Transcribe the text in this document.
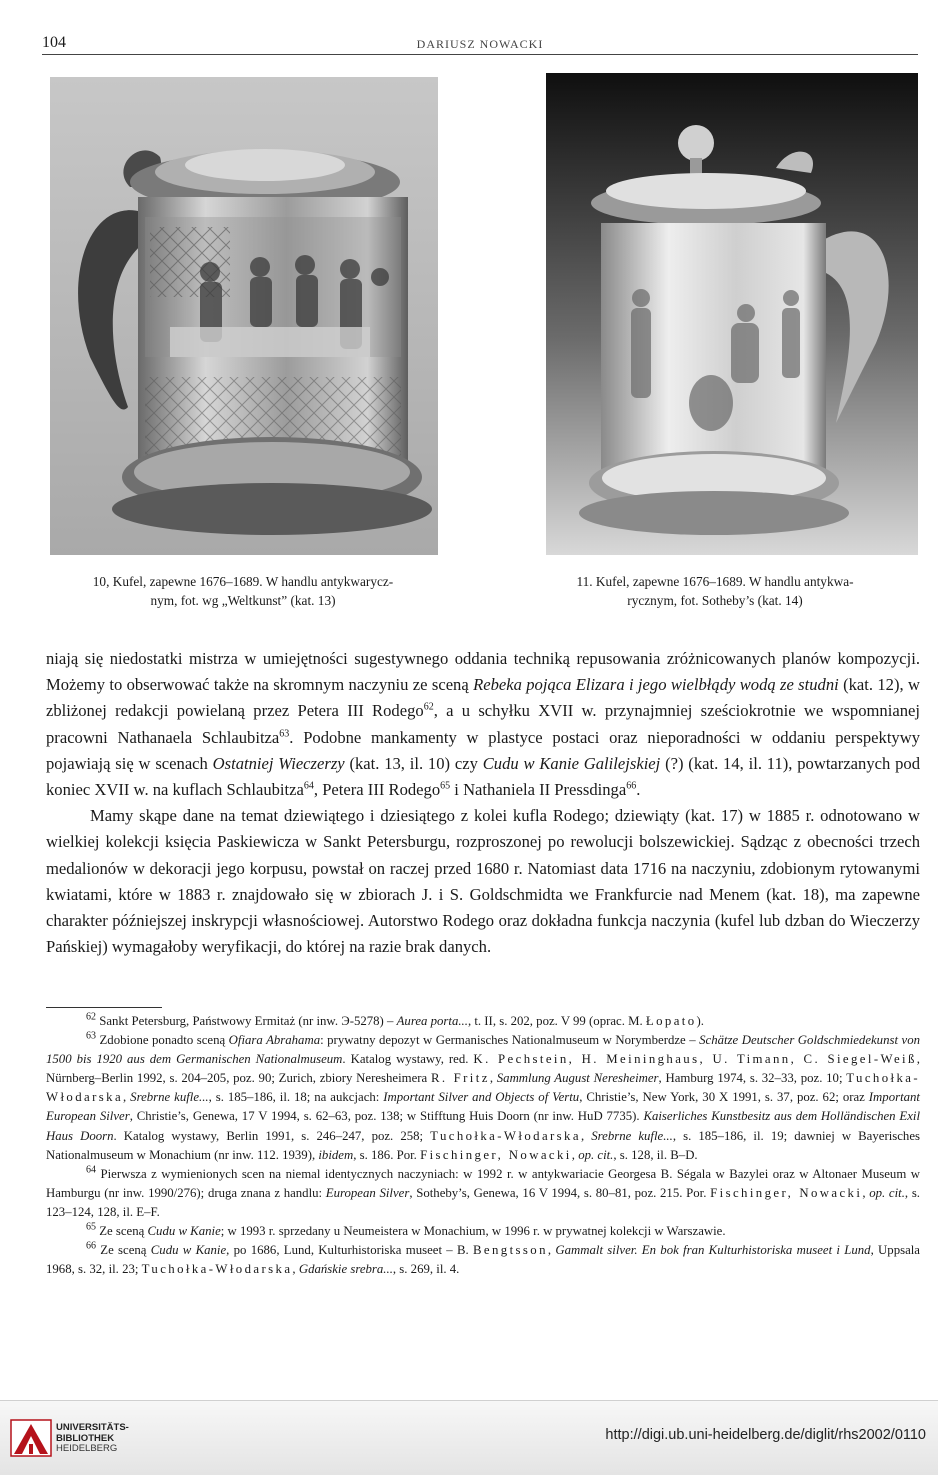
104	DARIUSZ NOWACKI
10, Kufel, zapewne 1676–1689. W handlu antykwarycz-
nym, fot. wg „Weltkunst” (kat. 13)
11. Kufel, zapewne 1676–1689. W handlu antykwa-
rycznym, fot. Sotheby’s (kat. 14)

niają się niedostatki mistrza w umiejętności sugestywnego oddania techniką repusowania zróżnicowanych planów kompozycji. Możemy to obserwować także na skromnym naczyniu ze sceną Rebeka pojąca Elizara i jego wielbłądy wodą ze studni (kat. 12), w zbliżonej redakcji powielaną przez Petera III Rodego$^{62}$, a u schyłku XVII w. przynajmniej sześciokrotnie we wspomnianej pracowni Nathanaela Schlaubitza$^{63}$. Podobne mankamenty w plastyce postaci oraz nieporadności w oddaniu perspektywy pojawiają się w scenach Ostatniej Wieczerzy (kat. 13, il. 10) czy Cudu w Kanie Galilejskiej (?) (kat. 14, il. 11), powtarzanych pod koniec XVII w. na kuflach Schlaubitza$^{64}$, Petera III Rodego$^{65}$ i Nathaniela II Pressdinga$^{66}$.

Mamy skąpe dane na temat dziewiątego i dziesiątego z kolei kufla Rodego; dziewiąty (kat. 17) w 1885 r. odnotowano w wielkiej kolekcji księcia Paskiewicza w Sankt Petersburgu, rozproszonej po rewolucji bolszewickiej. Sądząc z obecności trzech medalionów w dekoracji jego korpusu, powstał on raczej przed 1680 r. Natomiast data 1716 na naczyniu, zdobionym rytowanymi kwiatami, które w 1883 r. znajdowało się w zbiorach J. i S. Goldschmidta we Frankfurcie nad Menem (kat. 18), ma zapewne charakter późniejszej inskrypcji własnościowej. Autorstwo Rodego oraz dokładna funkcja naczynia (kufel lub dzban do Wieczerzy Pańskiej) wymagałoby weryfikacji, do której na razie brak danych.

$^{62}$ Sankt Petersburg, Państwowy Ermitaż (nr inw. Э-5278) – Aurea porta..., t. II, s. 202, poz. V 99 (oprac. M. Łopato).

$^{63}$ Zdobione ponadto sceną Ofiara Abrahama: prywatny depozyt w Germanisches Nationalmuseum w Norymberdze – Schätze Deutscher Goldschmiedekunst von 1500 bis 1920 aus dem Germanischen Nationalmuseum. Katalog wystawy, red. K. Pechstein, H. Meininghaus, U. Timann, C. Siegel-Weiß, Nürnberg–Berlin 1992, s. 204–205, poz. 90; Zurich, zbiory Neresheimera R. Fritz, Sammlung August Neresheimer, Hamburg 1974, s. 32–33, poz. 10; Tuchołka-Włodarska, Srebrne kufle..., s. 185–186, il. 18; na aukcjach: Important Silver and Objects of Vertu, Christie’s, New York, 30 X 1991, s. 37, poz. 62; oraz Important European Silver, Christie’s, Genewa, 17 V 1994, s. 62–63, poz. 138; w Stifftung Huis Doorn (nr inw. HuD 7735). Kaiserliches Kunstbesitz aus dem Holländischen Exil Haus Doorn. Katalog wystawy, Berlin 1991, s. 246–247, poz. 258; Tuchołka-Włodarska, Srebrne kufle..., s. 185–186, il. 19; dawniej w Bayerisches Nationalmuseum w Monachium (nr inw. 112. 1939), ibidem, s. 186. Por. Fischinger, Nowacki, op. cit., s. 128, il. B–D.

$^{64}$ Pierwsza z wymienionych scen na niemal identycznych naczyniach: w 1992 r. w antykwariacie Georgesa B. Ségala w Bazylei oraz w Altonaer Museum w Hamburgu (nr inw. 1990/276); druga znana z handlu: European Silver, Sotheby’s, Genewa, 16 V 1994, s. 80–81, poz. 215. Por. Fischinger, Nowacki, op. cit., s. 123–124, 128, il. E–F.

$^{65}$ Ze sceną Cudu w Kanie; w 1993 r. sprzedany u Neumeistera w Monachium, w 1996 r. w prywatnej kolekcji w Warszawie.

$^{66}$ Ze sceną Cudu w Kanie, po 1686, Lund, Kulturhistoriska museet – B. Bengtsson, Gammalt silver. En bok fran Kulturhistoriska museet i Lund, Uppsala 1968, s. 32, il. 23; Tuchołka-Włodarska, Gdańskie srebra..., s. 269, il. 4.

UNIVERSITÄTS-
BIBLIOTHEK
HEIDELBERG
http://digi.ub.uni-heidelberg.de/diglit/rhs2002/0110
